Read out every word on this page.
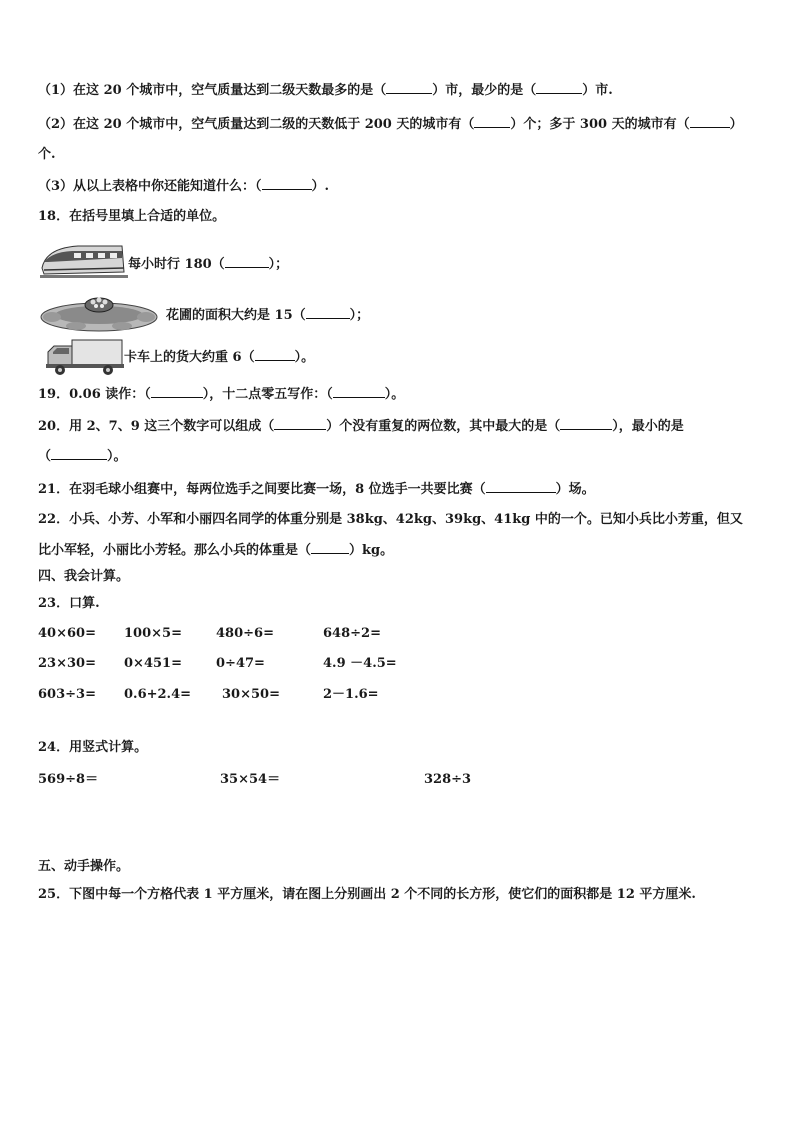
（1）在这 20 个城市中，空气质量达到二级天数最多的是（	）市，最少的是（	）市.
（2）在这 20 个城市中，空气质量达到二级的天数低于 200 天的城市有（	）个；多于 300 天的城市有（	）
个.
（3）从以上表格中你还能知道什么：（	）.
18．在括号里填上合适的单位。
每小时行 180（	）；
花圃的面积大约是 15（	）；
卡车上的货大约重 6（	）。
19．0.06 读作：（	），十二点零五写作：（	）。
20．用 2、7、9 这三个数字可以组成（	）个没有重复的两位数，其中最大的是（	），最小的是
（	）。
21．在羽毛球小组赛中，每两位选手之间要比赛一场，8 位选手一共要比赛（	）场。
22．小兵、小芳、小军和小丽四名同学的体重分别是 38kg、42kg、39kg、41kg 中的一个。已知小兵比小芳重，但又
比小军轻，小丽比小芳轻。那么小兵的体重是（	）kg。
四、我会计算。
23．口算.
40×60= 100×5=	480÷6=	648÷2=
23×30= 0×451=	0÷47=	4.9 －4.5=
603÷3= 0.6+2.4= 30×50=	2－1.6=
24．用竖式计算。
569÷8＝	35×54＝	328÷3
五、动手操作。
25．下图中每一个方格代表 1 平方厘米，请在图上分别画出 2 个不同的长方形，使它们的面积都是 12 平方厘米.
